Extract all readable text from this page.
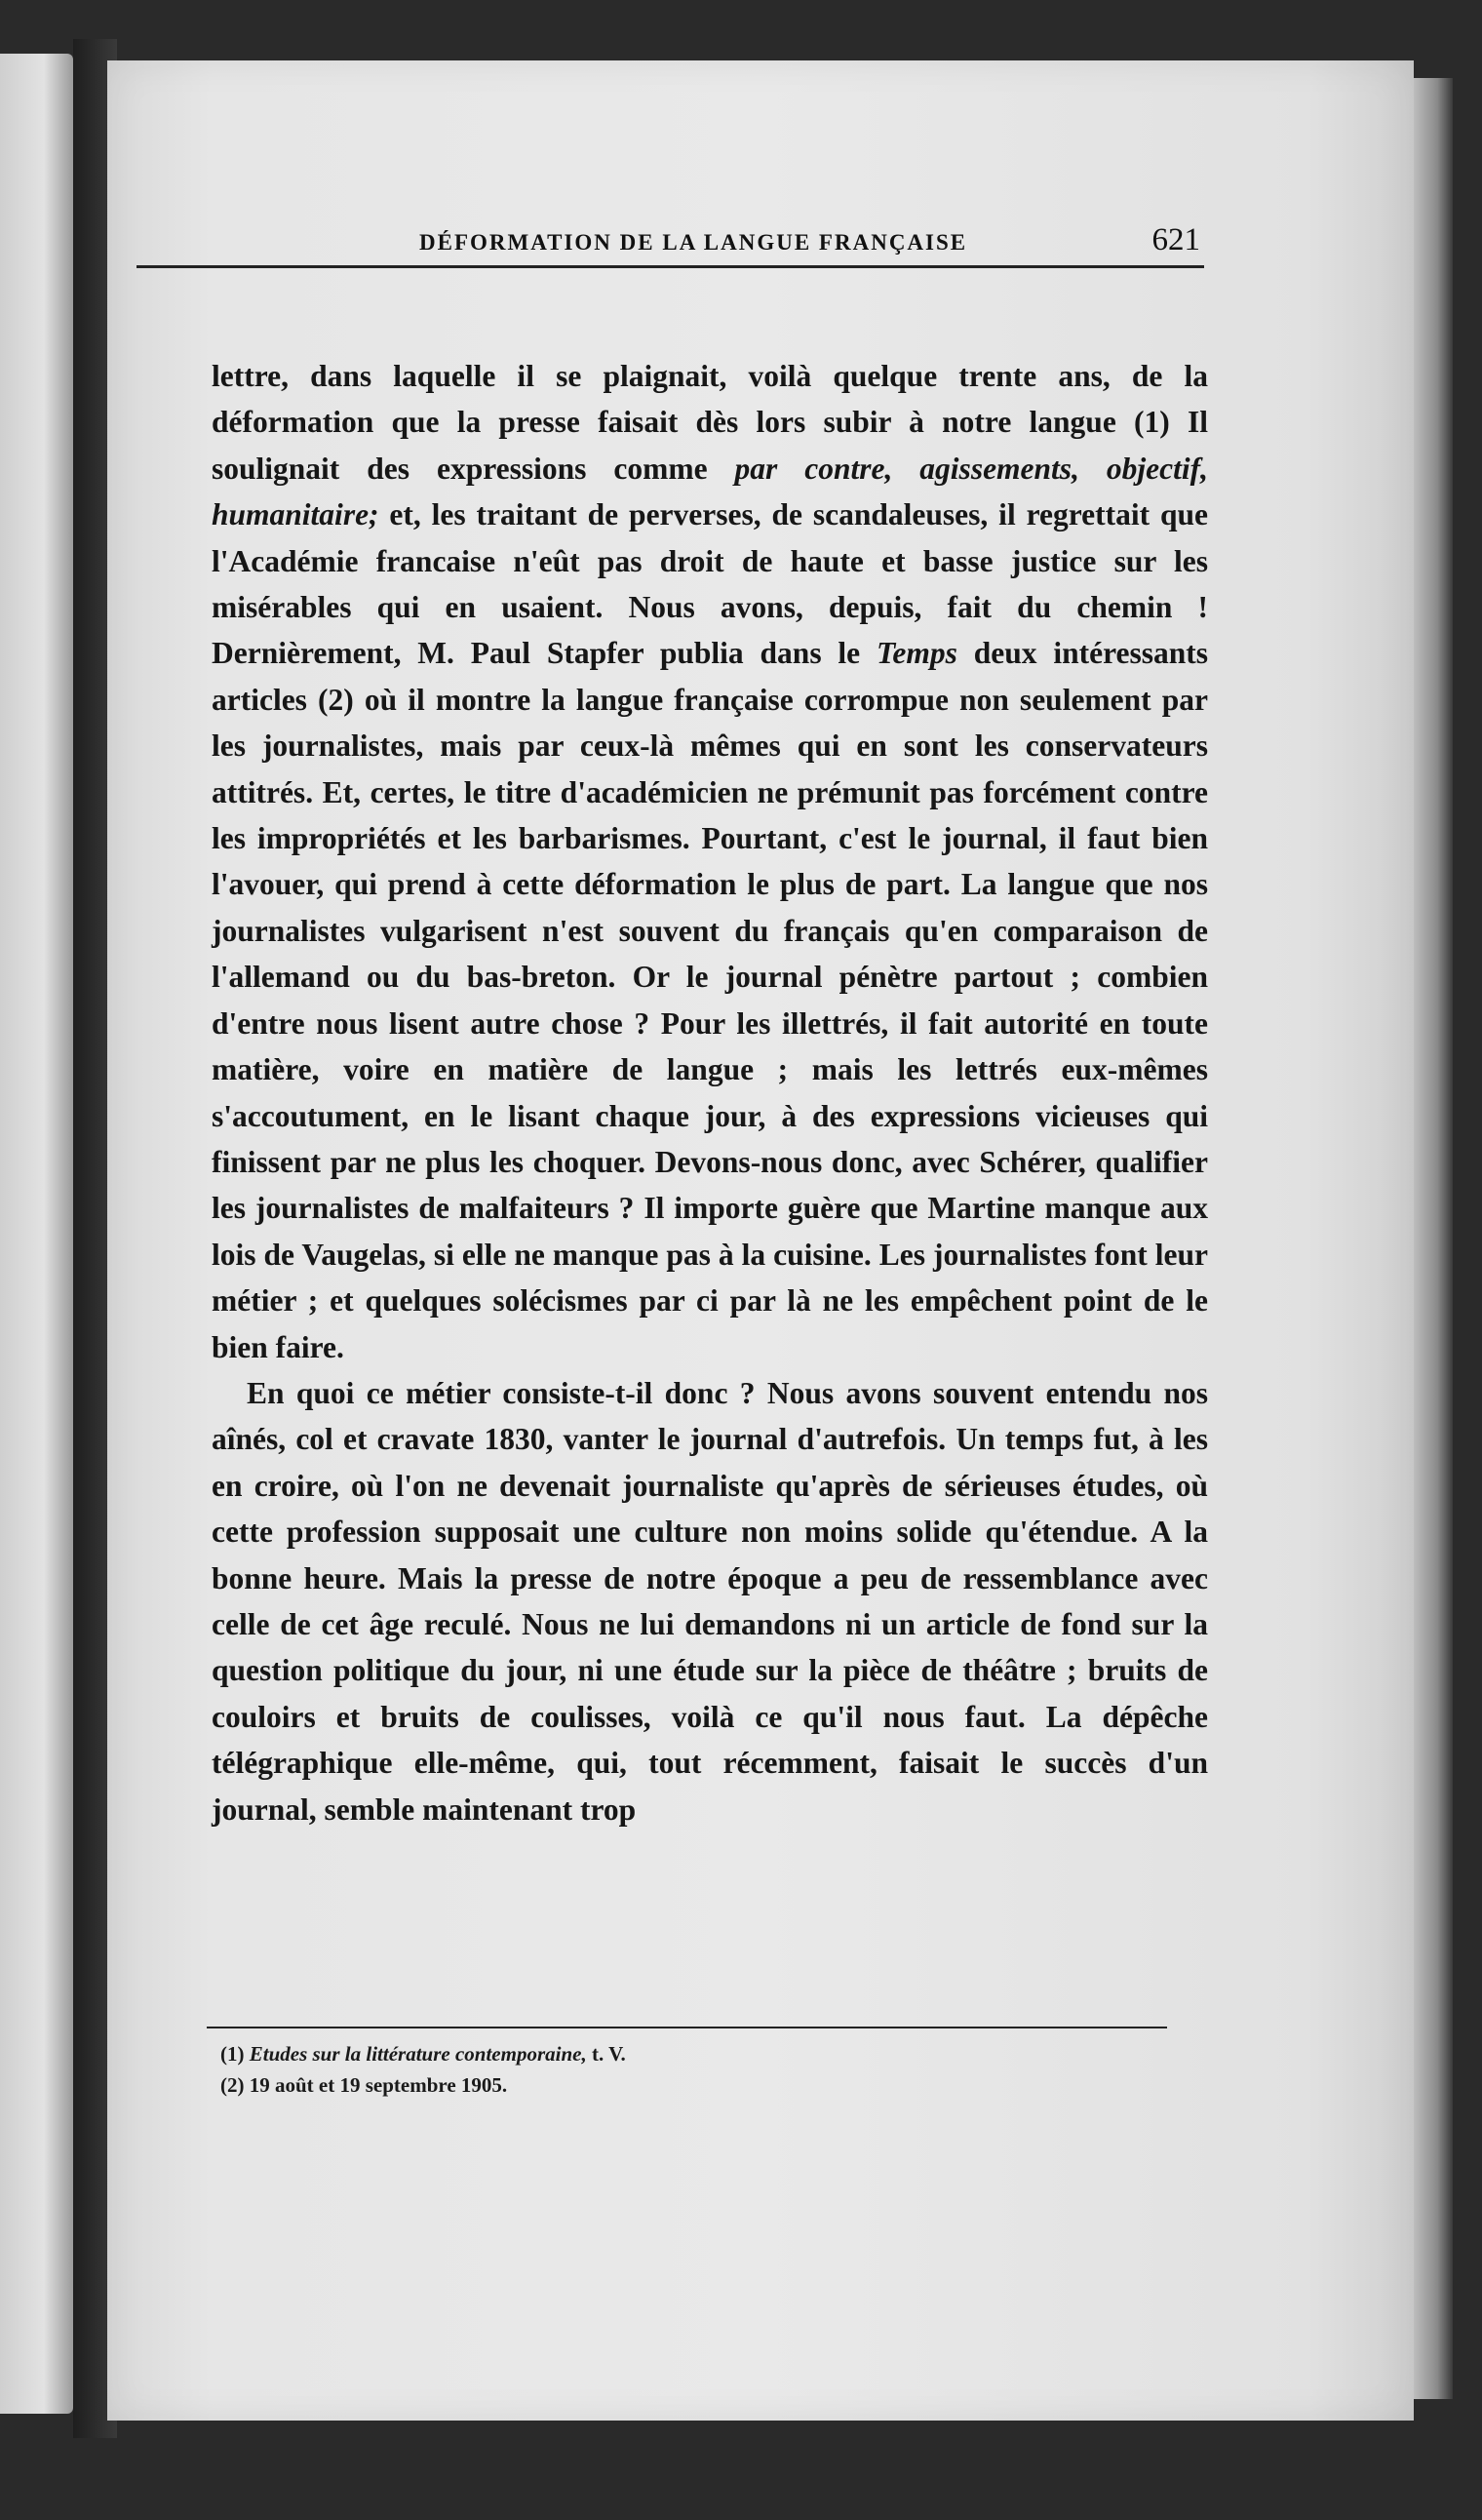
DÉFORMATION DE LA LANGUE FRANÇAISE	621

lettre, dans laquelle il se plaignait, voilà quelque trente ans, de la déformation que la presse faisait dès lors subir à notre langue (1) Il soulignait des expressions comme par contre, agissements, objectif, humanitaire; et, les traitant de perverses, de scandaleuses, il regrettait que l'Académie francaise n'eût pas droit de haute et basse justice sur les misérables qui en usaient. Nous avons, depuis, fait du chemin ! Dernièrement, M. Paul Stapfer publia dans le Temps deux intéressants articles (2) où il montre la langue française corrompue non seulement par les journalistes, mais par ceux-là mêmes qui en sont les conservateurs attitrés. Et, certes, le titre d'académicien ne prémunit pas forcément contre les impropriétés et les barbarismes. Pourtant, c'est le journal, il faut bien l'avouer, qui prend à cette déformation le plus de part. La langue que nos journalistes vulgarisent n'est souvent du français qu'en comparaison de l'allemand ou du bas-breton. Or le journal pénètre partout ; combien d'entre nous lisent autre chose ? Pour les illettrés, il fait autorité en toute matière, voire en matière de langue ; mais les lettrés eux-mêmes s'accoutument, en le lisant chaque jour, à des expressions vicieuses qui finissent par ne plus les choquer. Devons-nous donc, avec Schérer, qualifier les journalistes de malfaiteurs ? Il importe guère que Martine manque aux lois de Vaugelas, si elle ne manque pas à la cuisine. Les journalistes font leur métier ; et quelques solécismes par ci par là ne les empêchent point de le bien faire.

En quoi ce métier consiste-t-il donc ? Nous avons souvent entendu nos aînés, col et cravate 1830, vanter le journal d'autrefois. Un temps fut, à les en croire, où l'on ne devenait journaliste qu'après de sérieuses études, où cette profession supposait une culture non moins solide qu'étendue. A la bonne heure. Mais la presse de notre époque a peu de ressemblance avec celle de cet âge reculé. Nous ne lui demandons ni un article de fond sur la question politique du jour, ni une étude sur la pièce de théâtre ; bruits de couloirs et bruits de coulisses, voilà ce qu'il nous faut. La dépêche télégraphique elle-même, qui, tout récemment, faisait le succès d'un journal, semble maintenant trop

(1) Etudes sur la littérature contemporaine, t. V.
(2) 19 août et 19 septembre 1905.
